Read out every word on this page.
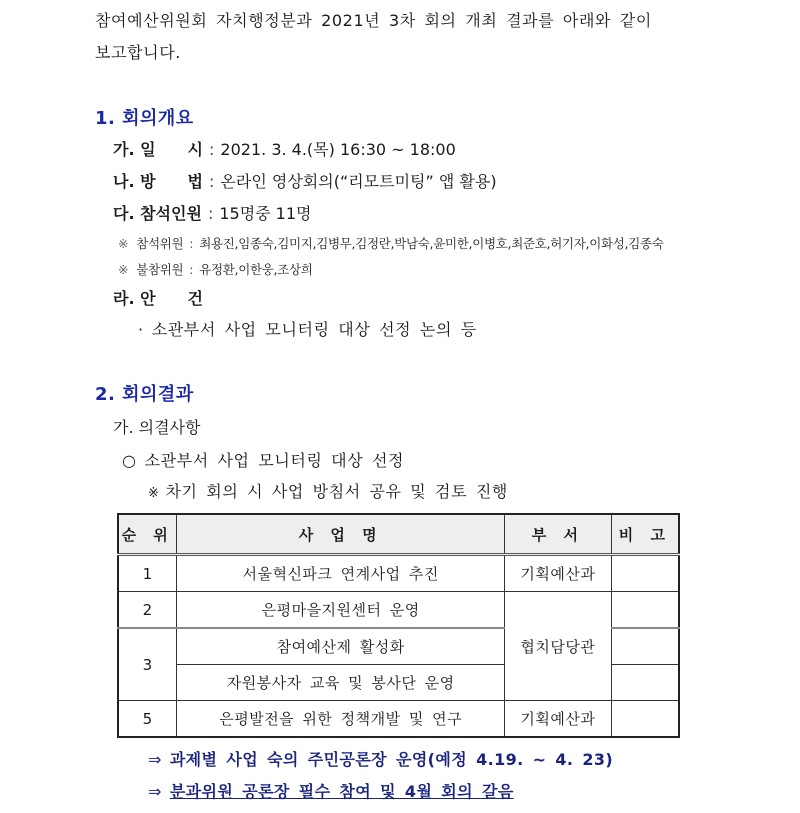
참여예산위원회 자치행정분과 2021년 3차 회의 개최 결과를 아래와 같이
보고합니다.
1. 회의개요
가. 일　　시 : 2021. 3. 4.(목) 16:30 ~ 18:00
나. 방　　법 : 온라인 영상회의(“리모트미팅” 앱 활용)
다. 참석인원 : 15명중 11명
※ 참석위원 : 최용진,임종숙,김미지,김병무,김정란,박남숙,윤미한,이병호,최준호,허기자,이화성,김종숙
※ 불참위원 : 유정환,이한웅,조상희
라. 안　　건
· 소관부서 사업 모니터링 대상 선정 논의 등
2. 회의결과
가. 의결사항
○ 소관부서 사업 모니터링 대상 선정
※ 차기 회의 시 사업 방침서 공유 및 검토 진행
순 위	사 업 명	부 서	비 고
1	서울혁신파크 연계사업 추진	기획예산과	
2	은평마을지원센터 운영	협치담당관	
3	참여예산제 활성화		
	자원봉사자 교육 및 봉사단 운영		
5	은평발전을 위한 정책개발 및 연구	기획예산과	
⇒ 과제별 사업 숙의 주민공론장 운영(예정 4.19. ~ 4. 23)
⇒ 분과위원 공론장 필수 참여 및 4월 회의 갈음
